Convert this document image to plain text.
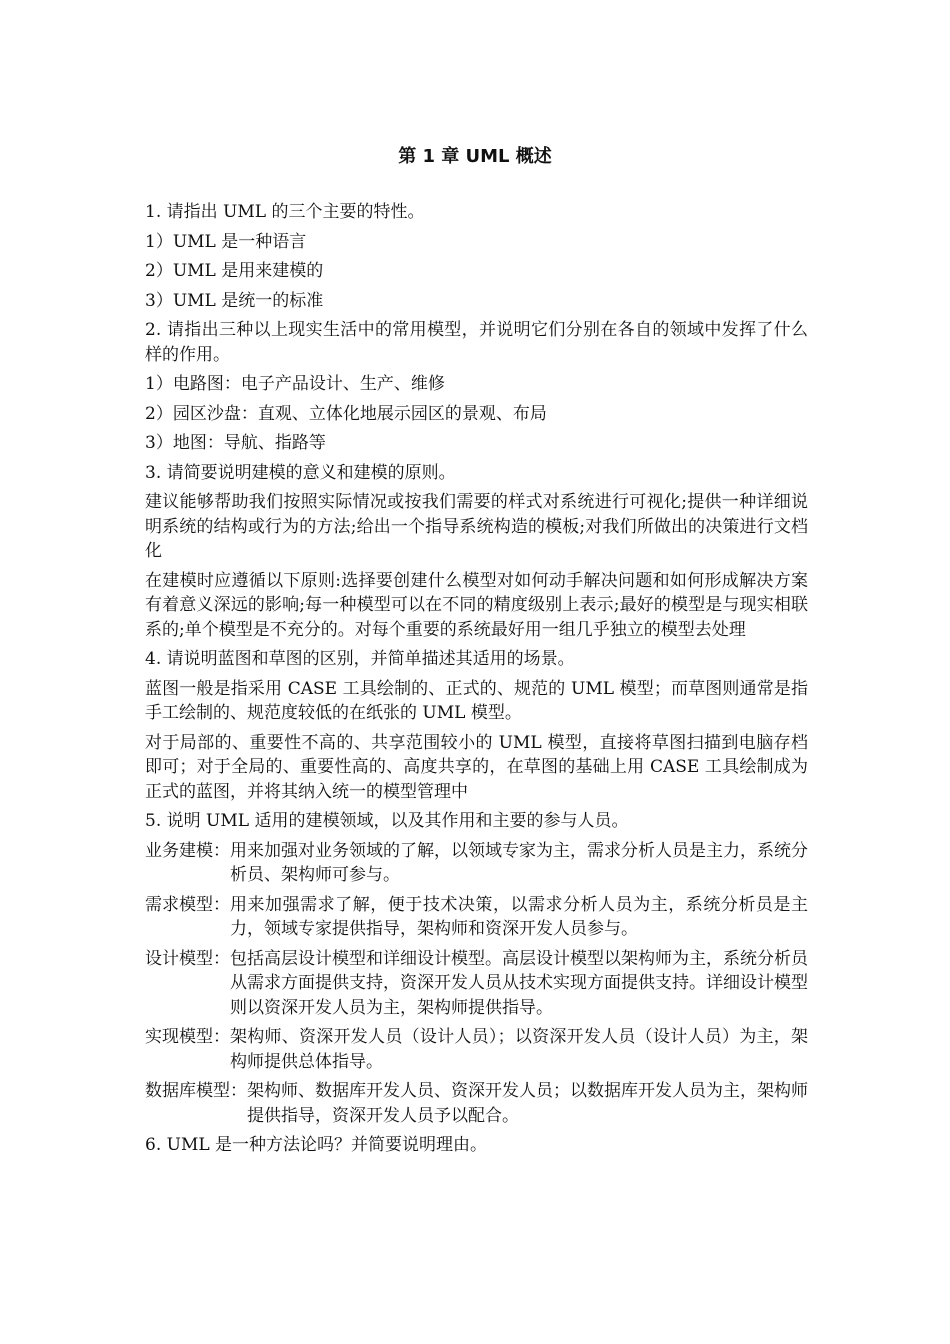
第 1 章 UML 概述

1. 请指出 UML 的三个主要的特性。

1）UML 是一种语言

2）UML 是用来建模的

3）UML 是统一的标准

2. 请指出三种以上现实生活中的常用模型，并说明它们分别在各自的领域中发挥了什么样的作用。

1）电路图：电子产品设计、生产、维修

2）园区沙盘：直观、立体化地展示园区的景观、布局

3）地图：导航、指路等

3. 请简要说明建模的意义和建模的原则。

建议能够帮助我们按照实际情况或按我们需要的样式对系统进行可视化;提供一种详细说明系统的结构或行为的方法;给出一个指导系统构造的模板;对我们所做出的决策进行文档化

在建模时应遵循以下原则:选择要创建什么模型对如何动手解决问题和如何形成解决方案有着意义深远的影响;每一种模型可以在不同的精度级别上表示;最好的模型是与现实相联系的;单个模型是不充分的。对每个重要的系统最好用一组几乎独立的模型去处理

4. 请说明蓝图和草图的区别，并简单描述其适用的场景。

蓝图一般是指采用 CASE 工具绘制的、正式的、规范的 UML 模型；而草图则通常是指手工绘制的、规范度较低的在纸张的 UML 模型。

对于局部的、重要性不高的、共享范围较小的 UML 模型，直接将草图扫描到电脑存档即可；对于全局的、重要性高的、高度共享的，在草图的基础上用 CASE 工具绘制成为正式的蓝图，并将其纳入统一的模型管理中

5. 说明 UML 适用的建模领域，以及其作用和主要的参与人员。

业务建模： 用来加强对业务领域的了解，以领域专家为主，需求分析人员是主力，系统分析员、架构师可参与。
需求模型： 用来加强需求了解，便于技术决策，以需求分析人员为主，系统分析员是主力，领域专家提供指导，架构师和资深开发人员参与。
设计模型： 包括高层设计模型和详细设计模型。高层设计模型以架构师为主，系统分析员从需求方面提供支持，资深开发人员从技术实现方面提供支持。详细设计模型则以资深开发人员为主，架构师提供指导。
实现模型： 架构师、资深开发人员（设计人员）；以资深开发人员（设计人员）为主，架构师提供总体指导。
数据库模型： 架构师、数据库开发人员、资深开发人员；以数据库开发人员为主，架构师提供指导，资深开发人员予以配合。

6. UML 是一种方法论吗？并简要说明理由。
